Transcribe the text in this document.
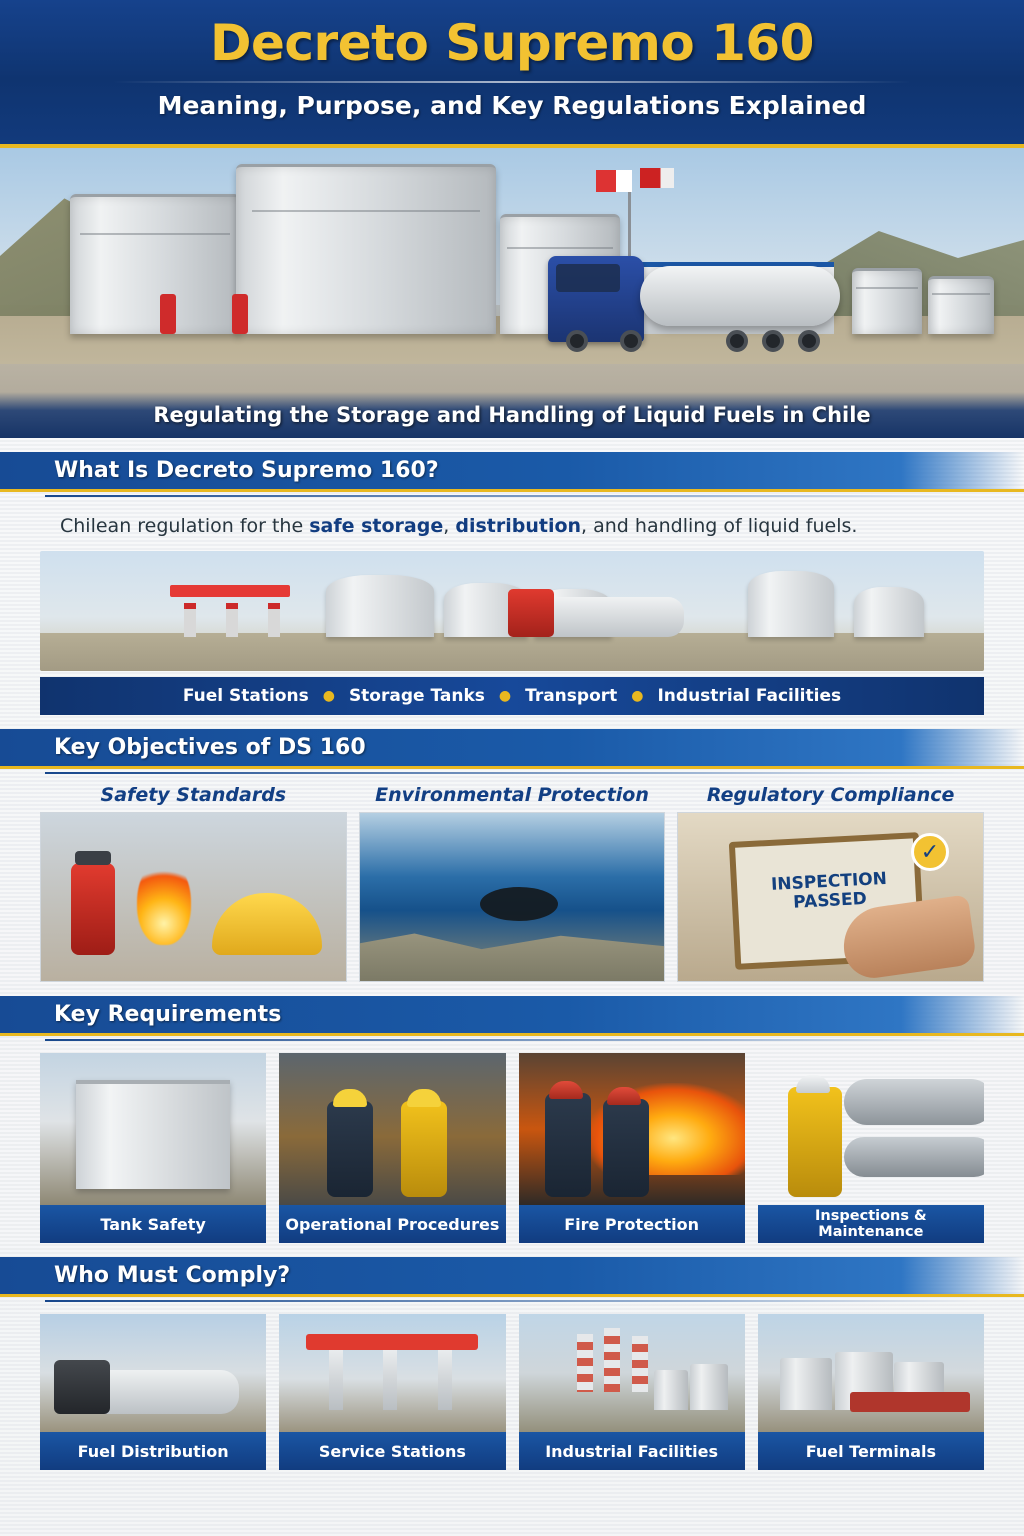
Decreto Supremo 160
Meaning, Purpose, and Key Regulations Explained
Regulating the Storage and Handling of Liquid Fuels in Chile
What Is Decreto Supremo 160?
Chilean regulation for the safe storage, distribution, and handling of liquid fuels.
Fuel Stations ● Storage Tanks ● Transport ● Industrial Facilities
Key Objectives of DS 160
Safety Standards	Environmental Protection	Regulatory Compliance
INSPECTION
PASSED
✓
Key Requirements
Tank Safety	Operational Procedures	Fire Protection	Inspections & Maintenance
Who Must Comply?
Fuel Distribution	Service Stations	Industrial Facilities	Fuel Terminals
